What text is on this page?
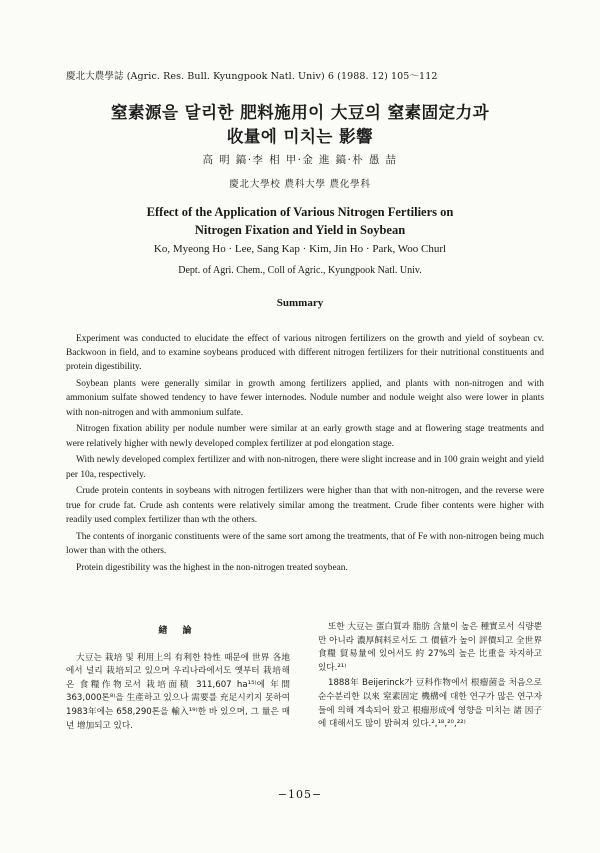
慶北大農學誌 (Agric. Res. Bull. Kyungpook Natl. Univ) 6 (1988. 12) 105～112
窒素源을 달리한 肥料施用이 大豆의 窒素固定力과
收量에 미치는 影響
高 明 鎬·李 相 甲·金 進 鎬·朴 愚 喆
慶北大學校 農科大學 農化學科
Effect of the Application of Various Nitrogen Fertiliers on
Nitrogen Fixation and Yield in Soybean
Ko, Myeong Ho · Lee, Sang Kap · Kim, Jin Ho · Park, Woo Churl
Dept. of Agri. Chem., Coll of Agric., Kyungpook Natl. Univ.
Summary

Experiment was conducted to elucidate the effect of various nitrogen fertilizers on the growth and yield of soybean cv. Backwoon in field, and to examine soybeans produced with different nitrogen fertilizers for their nutritional constituents and protein digestibility.

Soybean plants were generally similar in growth among fertilizers applied, and plants with non-nitrogen and with ammonium sulfate showed tendency to have fewer internodes. Nodule number and nodule weight also were lower in plants with non-nitrogen and with ammonium sulfate.

Nitrogen fixation ability per nodule number were similar at an early growth stage and at flowering stage treatments and were relatively higher with newly developed complex fertilizer at pod elongation stage.

With newly developed complex fertilizer and with non-nitrogen, there were slight increase and in 100 grain weight and yield per 10a, respectively.

Crude protein contents in soybeans with nitrogen fertilizers were higher than that with non-nitrogen, and the reverse were true for crude fat. Crude ash contents were relatively similar among the treatment. Crude fiber contents were higher with readily used complex fertilizer than wth the others.

The contents of inorganic constituents were of the same sort among the treatments, that of Fe with non-nitrogen being much lower than with the others.

Protein digestibility was the highest in the non-nitrogen treated soybean.

緖 論

大豆는 栽培 및 利用上의 有利한 特性 때문에 世界 各地에서 널리 栽培되고 있으며 우리나라에서도 옛부터 栽培해 온 食糧作物로서 栽培面積 311,607 ha¹⁵⁾에 年間 363,000톤⁸⁾을 生產하고 있으나 需要를 充足시키지 못하여 1983年에는 658,290톤을 輸入¹⁹⁾한 바 있으며, 그 量은 매년 增加되고 있다.

또한 大豆는 蛋白質과 脂肪 含量이 높은 種實로서 식량뿐만 아니라 濃厚飼料로서도 그 價値가 높이 評價되고 全世界 食糧 貿易量에 있어서도 約 27%의 높은 比重을 차지하고 있다.²¹⁾

1888年 Beijerinck가 豆科作物에서 根瘤菌을 처음으로 순수분리한 以來 窒素固定 機構에 대한 연구가 많은 연구자들에 의해 계속되어 왔고 根瘤形成에 영향을 미치는 諸 因子에 대해서도 많이 밝혀져 있다.²,¹⁸,²⁰,²²⁾

−105−
